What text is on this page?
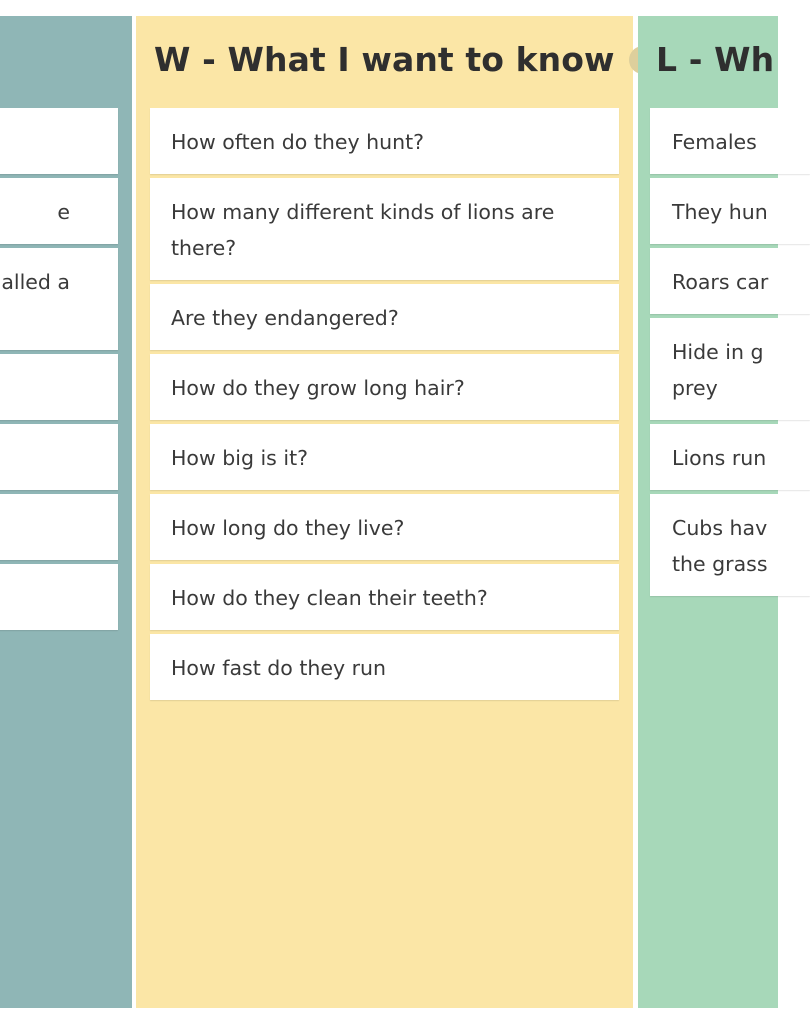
e
alled a
W - What I want to know
How often do they hunt?
How many different kinds of lions are there?
Are they endangered?
How do they grow long hair?
How big is it?
How long do they live?
How do they clean their teeth?
How fast do they run
L - Wh
Females
They hun
Roars car
Hide in g
prey
Lions run
Cubs hav
the grass
